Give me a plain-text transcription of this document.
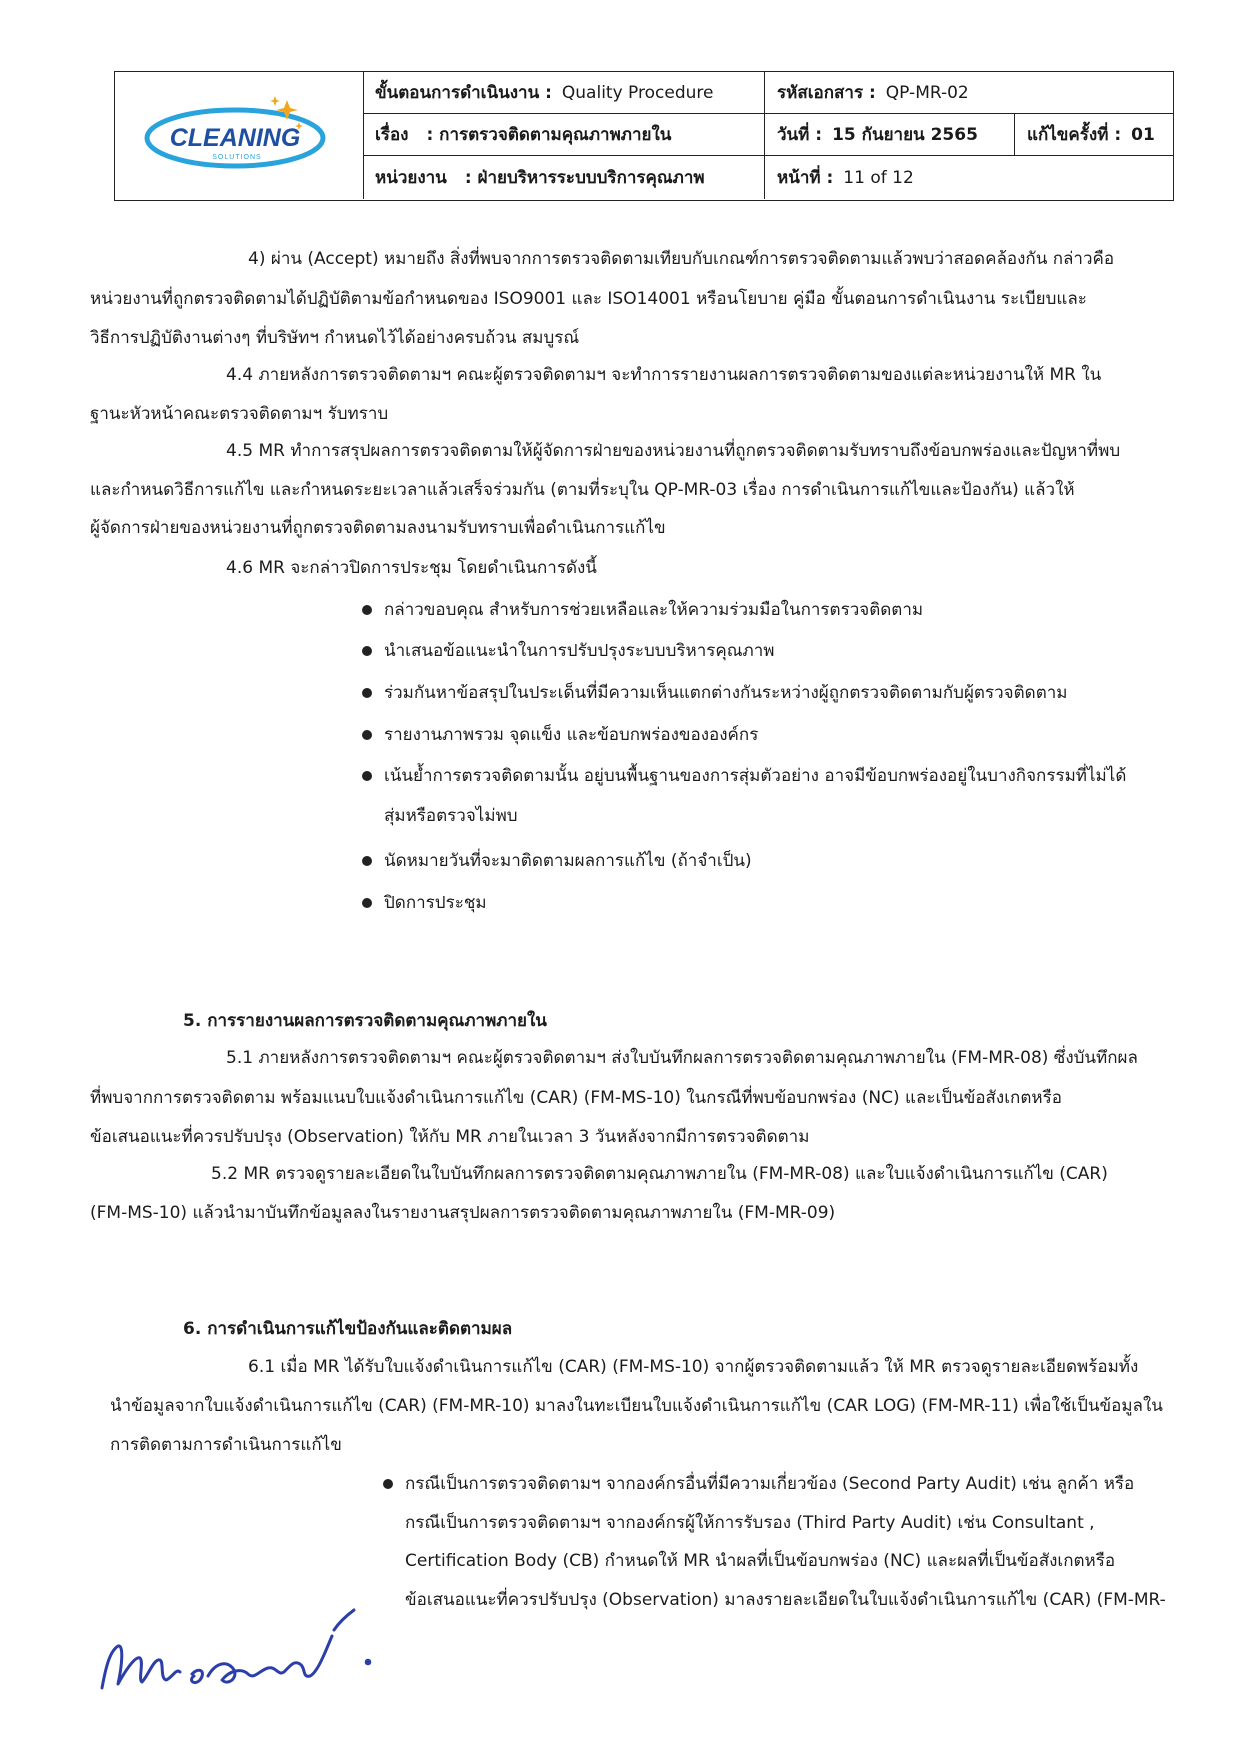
CLEANING
SOLUTIONS
ขั้นตอนการดำเนินงาน : Quality Procedure	รหัสเอกสาร : QP-MR-02
เรื่อง : การตรวจติดตามคุณภาพภายใน	วันที่ : 15 กันยายน 2565	แก้ไขครั้งที่ : 01
หน่วยงาน : ฝ่ายบริหารระบบบริการคุณภาพ	หน้าที่ : 11 of 12
4) ผ่าน (Accept) หมายถึง สิ่งที่พบจากการตรวจติดตามเทียบกับเกณฑ์การตรวจติดตามแล้วพบว่าสอดคล้องกัน กล่าวคือ
หน่วยงานที่ถูกตรวจติดตามได้ปฏิบัติตามข้อกำหนดของ ISO9001 และ ISO14001 หรือนโยบาย คู่มือ ขั้นตอนการดำเนินงาน ระเบียบและ
วิธีการปฏิบัติงานต่างๆ ที่บริษัทฯ กำหนดไว้ได้อย่างครบถ้วน สมบูรณ์
4.4 ภายหลังการตรวจติดตามฯ คณะผู้ตรวจติดตามฯ จะทำการรายงานผลการตรวจติดตามของแต่ละหน่วยงานให้ MR ใน
ฐานะหัวหน้าคณะตรวจติดตามฯ รับทราบ
4.5 MR ทำการสรุปผลการตรวจติดตามให้ผู้จัดการฝ่ายของหน่วยงานที่ถูกตรวจติดตามรับทราบถึงข้อบกพร่องและปัญหาที่พบ
และกำหนดวิธีการแก้ไข และกำหนดระยะเวลาแล้วเสร็จร่วมกัน (ตามที่ระบุใน QP-MR-03 เรื่อง การดำเนินการแก้ไขและป้องกัน) แล้วให้
ผู้จัดการฝ่ายของหน่วยงานที่ถูกตรวจติดตามลงนามรับทราบเพื่อดำเนินการแก้ไข
4.6 MR จะกล่าวปิดการประชุม โดยดำเนินการดังนี้
กล่าวขอบคุณ สำหรับการช่วยเหลือและให้ความร่วมมือในการตรวจติดตาม
นำเสนอข้อแนะนำในการปรับปรุงระบบบริหารคุณภาพ
ร่วมกันหาข้อสรุปในประเด็นที่มีความเห็นแตกต่างกันระหว่างผู้ถูกตรวจติดตามกับผู้ตรวจติดตาม
รายงานภาพรวม จุดแข็ง และข้อบกพร่องขององค์กร
เน้นย้ำการตรวจติดตามนั้น อยู่บนพื้นฐานของการสุ่มตัวอย่าง อาจมีข้อบกพร่องอยู่ในบางกิจกรรมที่ไม่ได้
สุ่มหรือตรวจไม่พบ
นัดหมายวันที่จะมาติดตามผลการแก้ไข (ถ้าจำเป็น)
ปิดการประชุม
5. การรายงานผลการตรวจติดตามคุณภาพภายใน
5.1 ภายหลังการตรวจติดตามฯ คณะผู้ตรวจติดตามฯ ส่งใบบันทึกผลการตรวจติดตามคุณภาพภายใน (FM-MR-08) ซึ่งบันทึกผล
ที่พบจากการตรวจติดตาม พร้อมแนบใบแจ้งดำเนินการแก้ไข (CAR) (FM-MS-10) ในกรณีที่พบข้อบกพร่อง (NC) และเป็นข้อสังเกตหรือ
ข้อเสนอแนะที่ควรปรับปรุง (Observation) ให้กับ MR ภายในเวลา 3 วันหลังจากมีการตรวจติดตาม
5.2 MR ตรวจดูรายละเอียดในใบบันทึกผลการตรวจติดตามคุณภาพภายใน (FM-MR-08) และใบแจ้งดำเนินการแก้ไข (CAR)
(FM-MS-10) แล้วนำมาบันทึกข้อมูลลงในรายงานสรุปผลการตรวจติดตามคุณภาพภายใน (FM-MR-09)
6. การดำเนินการแก้ไขป้องกันและติดตามผล
6.1 เมื่อ MR ได้รับใบแจ้งดำเนินการแก้ไข (CAR) (FM-MS-10) จากผู้ตรวจติดตามแล้ว ให้ MR ตรวจดูรายละเอียดพร้อมทั้ง
นำข้อมูลจากใบแจ้งดำเนินการแก้ไข (CAR) (FM-MR-10) มาลงในทะเบียนใบแจ้งดำเนินการแก้ไข (CAR LOG) (FM-MR-11) เพื่อใช้เป็นข้อมูลใน
การติดตามการดำเนินการแก้ไข
กรณีเป็นการตรวจติดตามฯ จากองค์กรอื่นที่มีความเกี่ยวข้อง (Second Party Audit) เช่น ลูกค้า หรือ
กรณีเป็นการตรวจติดตามฯ จากองค์กรผู้ให้การรับรอง (Third Party Audit) เช่น Consultant ,
Certification Body (CB) กำหนดให้ MR นำผลที่เป็นข้อบกพร่อง (NC) และผลที่เป็นข้อสังเกตหรือ
ข้อเสนอแนะที่ควรปรับปรุง (Observation) มาลงรายละเอียดในใบแจ้งดำเนินการแก้ไข (CAR) (FM-MR-
